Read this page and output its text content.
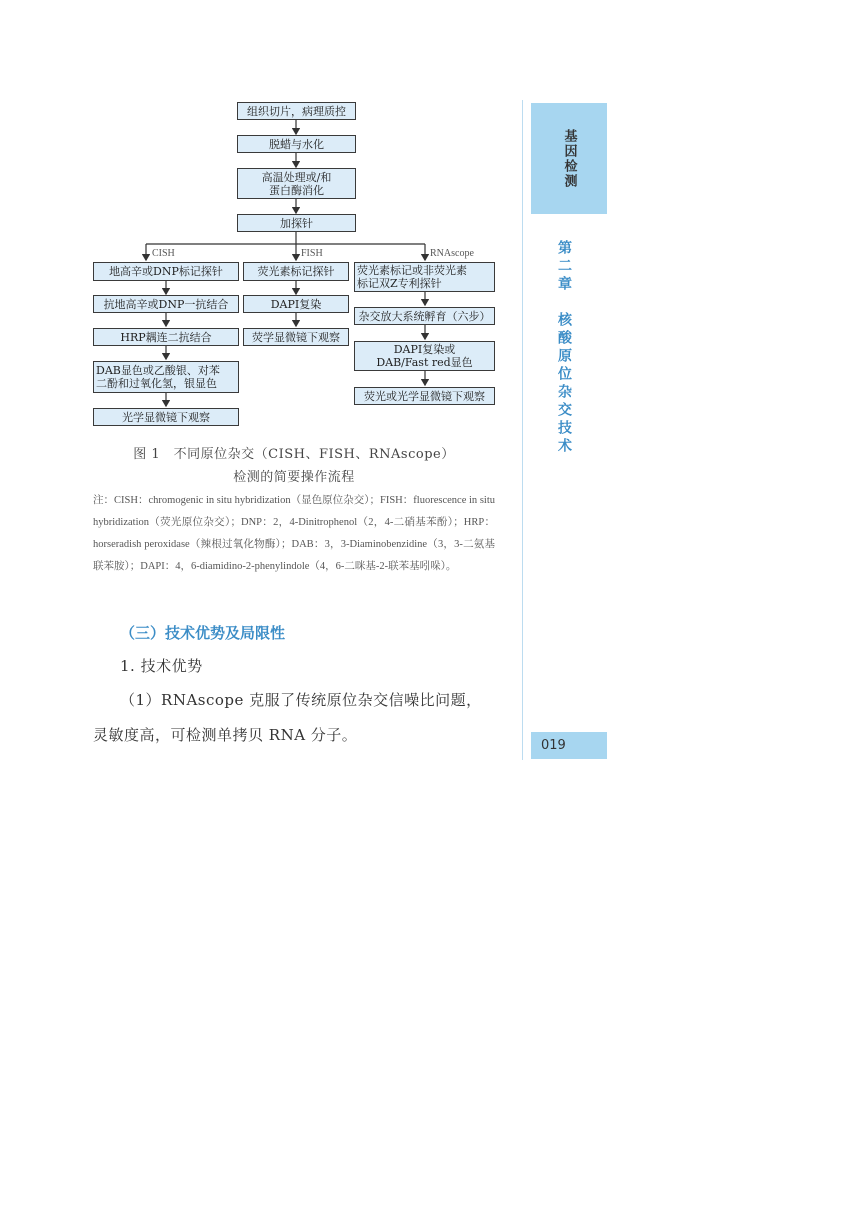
CISH	FISH	RNAscope
组织切片，病理质控
脱蜡与水化
高温处理或/和
蛋白酶消化
加探针
地高辛或DNP标记探针
抗地高辛或DNP一抗结合
HRP耦连二抗结合
DAB显色或乙酸银、对苯
二酚和过氧化氢，银显色
光学显微镜下观察
荧光素标记探针
DAPI复染
荧学显微镜下观察
荧光素标记或非荧光素
标记双Z专利探针
杂交放大系统孵育（六步）
DAPI复染或
DAB/Fast red显色
荧光或光学显微镜下观察
图 1　不同原位杂交（CISH、FISH、RNAscope）
检测的简要操作流程
注：CISH：chromogenic in situ hybridization（显色原位杂交）；FISH：fluorescence in situ hybridization（荧光原位杂交）；DNP：2，4-Dinitrophenol（2，4-二硝基苯酚）；HRP：horseradish peroxidase（辣根过氧化物酶）；DAB：3，3-Diaminobenzidine（3，3-二氨基联苯胺）；DAPI：4，6-diamidino-2-phenylindole（4，6-二咪基-2-联苯基吲哚）。
（三）技术优势及局限性
1. 技术优势
（1）RNAscope 克服了传统原位杂交信噪比问题，
灵敏度高，可检测单拷贝 RNA 分子。
基因检测
第二章　核酸原位杂交技术
019
